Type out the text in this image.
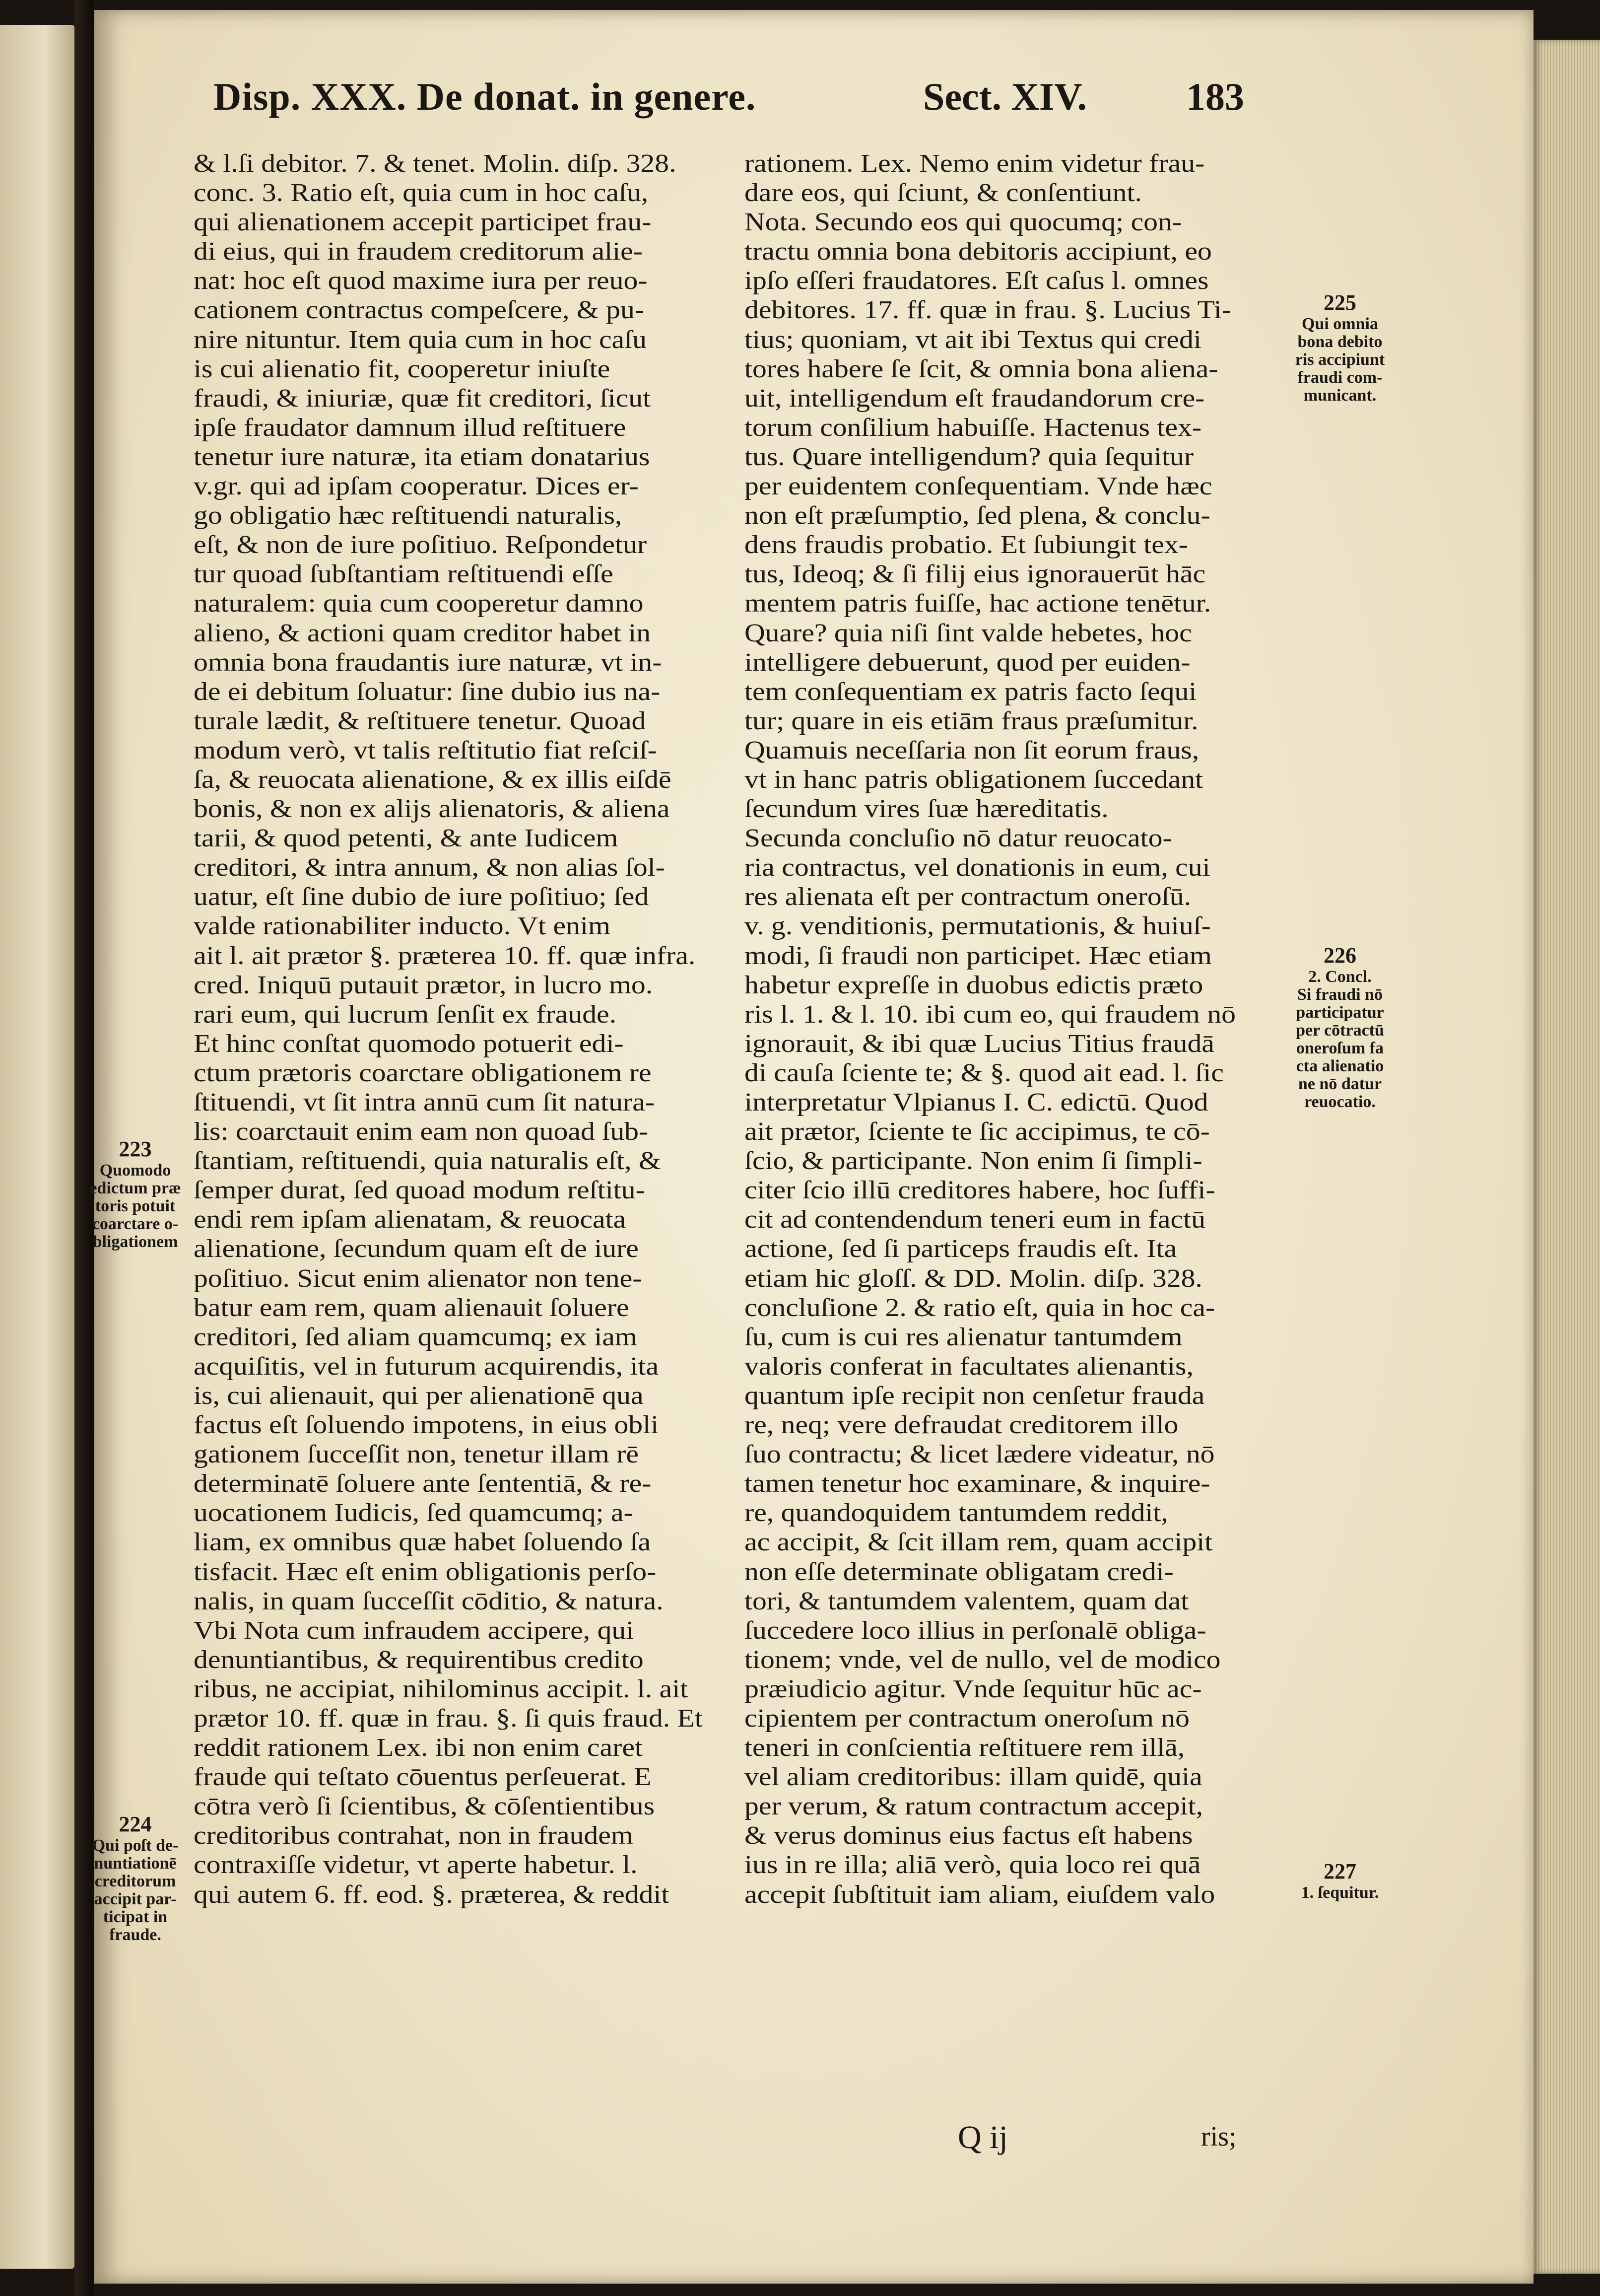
Disp. XXX. De donat. in genere.	Sect. XIV.	183
& l.ſi debitor. 7. & tenet. Molin. diſp. 328.
conc. 3. Ratio eſt, quia cum in hoc caſu,
qui alienationem accepit participet frau-
di eius, qui in fraudem creditorum alie-
nat: hoc eſt quod maxime iura per reuo-
cationem contractus compeſcere, & pu-
nire nituntur. Item quia cum in hoc caſu
is cui alienatio fit, cooperetur iniuſte
fraudi, & iniuriæ, quæ fit creditori, ſicut
ipſe fraudator damnum illud reſtituere
tenetur iure naturæ, ita etiam donatarius
v.gr. qui ad ipſam cooperatur. Dices er-
go obligatio hæc reſtituendi naturalis,
eſt, & non de iure poſitiuo. Reſpondetur
tur quoad ſubſtantiam reſtituendi eſſe
naturalem: quia cum cooperetur damno
alieno, & actioni quam creditor habet in
omnia bona fraudantis iure naturæ, vt in-
de ei debitum ſoluatur: ſine dubio ius na-
turale lædit, & reſtituere tenetur. Quoad
modum verò, vt talis reſtitutio fiat reſciſ-
ſa, & reuocata alienatione, & ex illis eiſdē
bonis, & non ex alijs alienatoris, & aliena
tarii, & quod petenti, & ante Iudicem
creditori, & intra annum, & non alias ſol-
uatur, eſt ſine dubio de iure poſitiuo; ſed
valde rationabiliter inducto. Vt enim
ait l. ait prætor §. præterea 10. ff. quæ infra.
cred. Iniquū putauit prætor, in lucro mo.
rari eum, qui lucrum ſenſit ex fraude.
Et hinc conſtat quomodo potuerit edi-
ctum prætoris coarctare obligationem re
ſtituendi, vt ſit intra annū cum ſit natura-
lis: coarctauit enim eam non quoad ſub-
ſtantiam, reſtituendi, quia naturalis eſt, &
ſemper durat, ſed quoad modum reſtitu-
endi rem ipſam alienatam, & reuocata
alienatione, ſecundum quam eſt de iure
poſitiuo. Sicut enim alienator non tene-
batur eam rem, quam alienauit ſoluere
creditori, ſed aliam quamcumq; ex iam
acquiſitis, vel in futurum acquirendis, ita
is, cui alienauit, qui per alienationē qua
factus eſt ſoluendo impotens, in eius obli
gationem ſucceſſit non, tenetur illam rē
determinatē ſoluere ante ſententiā, & re-
uocationem Iudicis, ſed quamcumq; a-
liam, ex omnibus quæ habet ſoluendo ſa
tisfacit. Hæc eſt enim obligationis perſo-
nalis, in quam ſucceſſit cōditio, & natura.
Vbi Nota cum infraudem accipere, qui
denuntiantibus, & requirentibus credito
ribus, ne accipiat, nihilominus accipit. l. ait
prætor 10. ff. quæ in frau. §. ſi quis fraud. Et
reddit rationem Lex. ibi non enim caret
fraude qui teſtato cōuentus perſeuerat. E
cōtra verò ſi ſcientibus, & cōſentientibus
creditoribus contrahat, non in fraudem
contraxiſſe videtur, vt aperte habetur. l.
qui autem 6. ff. eod. §. præterea, & reddit
rationem. Lex. Nemo enim videtur frau-
dare eos, qui ſciunt, & conſentiunt.
Nota. Secundo eos qui quocumq; con-
tractu omnia bona debitoris accipiunt, eo
ipſo eſſeri fraudatores. Eſt caſus l. omnes
debitores. 17. ff. quæ in frau. §. Lucius Ti-
tius; quoniam, vt ait ibi Textus qui credi
tores habere ſe ſcit, & omnia bona aliena-
uit, intelligendum eſt fraudandorum cre-
torum conſilium habuiſſe. Hactenus tex-
tus. Quare intelligendum? quia ſequitur
per euidentem conſequentiam. Vnde hæc
non eſt præſumptio, ſed plena, & conclu-
dens fraudis probatio. Et ſubiungit tex-
tus, Ideoq; & ſi filij eius ignorauerūt hāc
mentem patris fuiſſe, hac actione tenētur.
Quare? quia niſi ſint valde hebetes, hoc
intelligere debuerunt, quod per euiden-
tem conſequentiam ex patris facto ſequi
tur; quare in eis etiām fraus præſumitur.
Quamuis neceſſaria non ſit eorum fraus,
vt in hanc patris obligationem ſuccedant
ſecundum vires ſuæ hæreditatis.
Secunda concluſio nō datur reuocato-
ria contractus, vel donationis in eum, cui
res alienata eſt per contractum oneroſū.
v. g. venditionis, permutationis, & huiuſ-
modi, ſi fraudi non participet. Hæc etiam
habetur expreſſe in duobus edictis præto
ris l. 1. & l. 10. ibi cum eo, qui fraudem nō
ignorauit, & ibi quæ Lucius Titius fraudā
di cauſa ſciente te; & §. quod ait ead. l. ſic
interpretatur Vlpianus I. C. edictū. Quod
ait prætor, ſciente te ſic accipimus, te cō-
ſcio, & participante. Non enim ſi ſimpli-
citer ſcio illū creditores habere, hoc ſuffi-
cit ad contendendum teneri eum in factū
actione, ſed ſi particeps fraudis eſt. Ita
etiam hic gloſſ. & DD. Molin. diſp. 328.
concluſione 2. & ratio eſt, quia in hoc ca-
ſu, cum is cui res alienatur tantumdem
valoris conferat in facultates alienantis,
quantum ipſe recipit non cenſetur frauda
re, neq; vere defraudat creditorem illo
ſuo contractu; & licet lædere videatur, nō
tamen tenetur hoc examinare, & inquire-
re, quandoquidem tantumdem reddit,
ac accipit, & ſcit illam rem, quam accipit
non eſſe determinate obligatam credi-
tori, & tantumdem valentem, quam dat
ſuccedere loco illius in perſonalē obliga-
tionem; vnde, vel de nullo, vel de modico
præiudicio agitur. Vnde ſequitur hūc ac-
cipientem per contractum oneroſum nō
teneri in conſcientia reſtituere rem illā,
vel aliam creditoribus: illam quidē, quia
per verum, & ratum contractum accepit,
& verus dominus eius factus eſt habens
ius in re illa; aliā verò, quia loco rei quā
accepit ſubſtituit iam aliam, eiuſdem valo
223
Quomodo
edictum præ
toris potuit
coarctare o-
bligationem
224
Qui poſt de-
nuntiationē
creditorum
accipit par-
ticipat in
fraude.
225
Qui omnia
bona debito
ris accipiunt
fraudi com-
municant.
226
2. Concl.
Si fraudi nō
participatur
per cōtractū
oneroſum fa
cta alienatio
ne nō datur
reuocatio.
227
1. ſequitur.
Q ij	ris;
